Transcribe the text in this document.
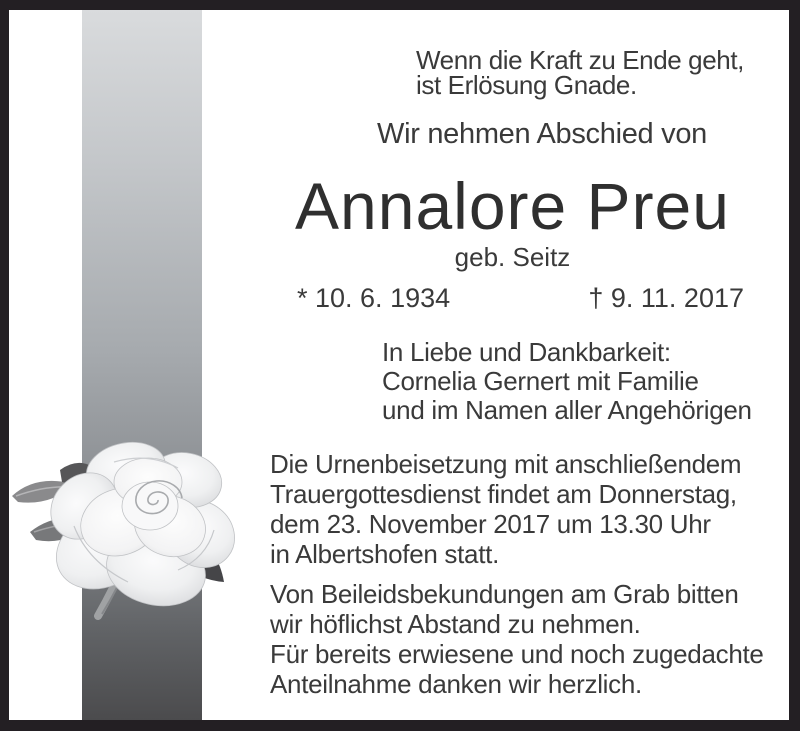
Wenn die Kraft zu Ende geht,
ist Erlösung Gnade.
Wir nehmen Abschied von
Annalore Preu
geb. Seitz
* 10. 6. 1934	† 9. 11. 2017
In Liebe und Dankbarkeit:
Cornelia Gernert mit Familie
und im Namen aller Angehörigen
Die Urnenbeisetzung mit anschließendem
Trauergottesdienst findet am Donnerstag,
dem 23. November 2017 um 13.30 Uhr
in Albertshofen statt.
Von Beileidsbekundungen am Grab bitten
wir höflichst Abstand zu nehmen.
Für bereits erwiesene und noch zugedachte
Anteilnahme danken wir herzlich.
